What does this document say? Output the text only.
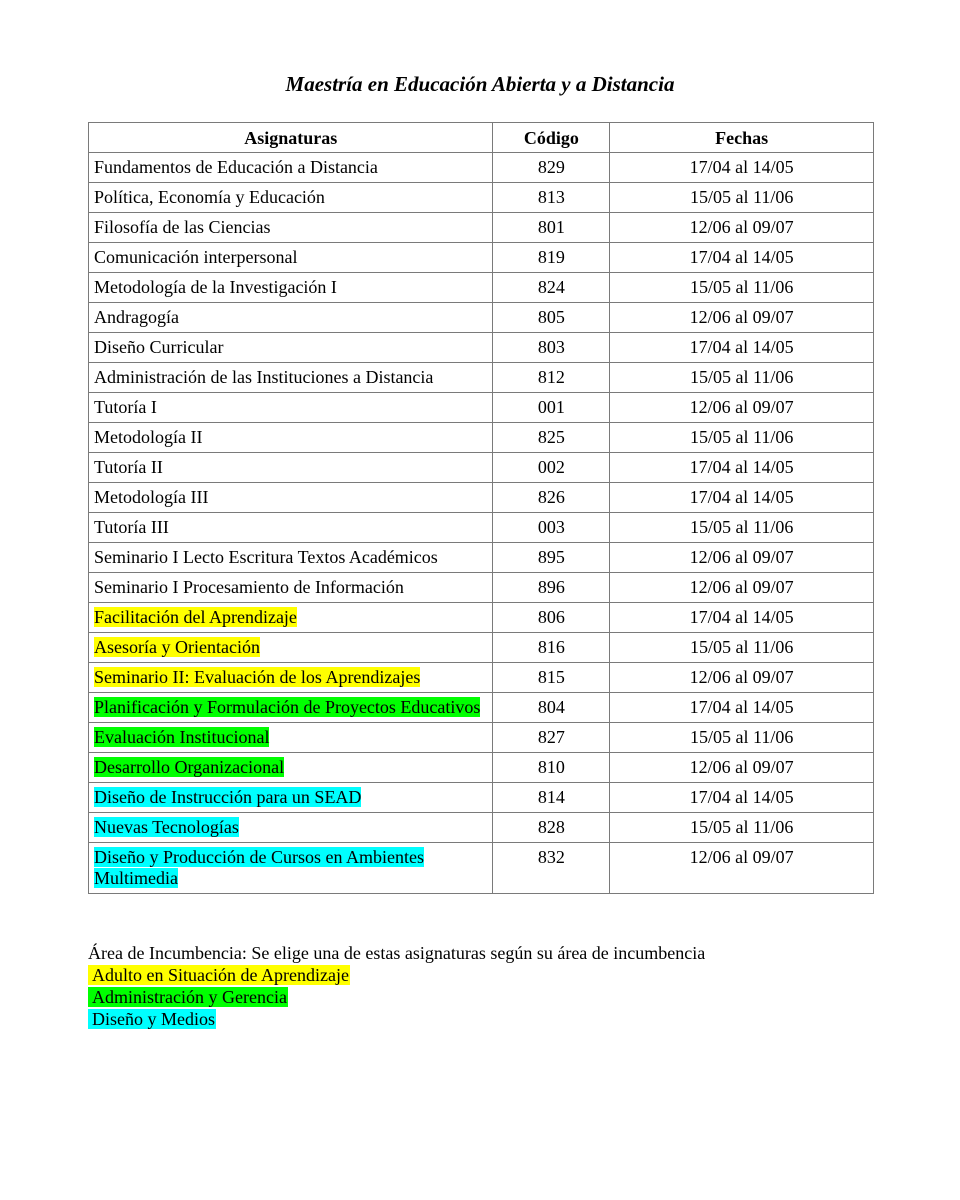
Maestría en Educación Abierta y a Distancia
Asignaturas	Código	Fechas
Fundamentos de Educación a Distancia	829	17/04 al 14/05
Política, Economía y Educación	813	15/05 al 11/06
Filosofía de las Ciencias	801	12/06 al 09/07
Comunicación interpersonal	819	17/04 al 14/05
Metodología de la Investigación I	824	15/05 al 11/06
Andragogía	805	12/06 al 09/07
Diseño Curricular	803	17/04 al 14/05
Administración de las Instituciones a Distancia	812	15/05 al 11/06
Tutoría I	001	12/06 al 09/07
Metodología II	825	15/05 al 11/06
Tutoría II	002	17/04 al 14/05
Metodología III	826	17/04 al 14/05
Tutoría III	003	15/05 al 11/06
Seminario I Lecto Escritura Textos Académicos	895	12/06 al 09/07
Seminario I Procesamiento de Información	896	12/06 al 09/07
Facilitación del Aprendizaje	806	17/04 al 14/05
Asesoría y Orientación	816	15/05 al 11/06
Seminario II: Evaluación de los Aprendizajes	815	12/06 al 09/07
Planificación y Formulación de Proyectos Educativos	804	17/04 al 14/05
Evaluación Institucional	827	15/05 al 11/06
Desarrollo Organizacional	810	12/06 al 09/07
Diseño de Instrucción para un SEAD	814	17/04 al 14/05
Nuevas Tecnologías	828	15/05 al 11/06
Diseño y Producción de Cursos en Ambientes Multimedia	832	12/06 al 09/07
Área de Incumbencia: Se elige una de estas asignaturas según su área de incumbencia
Adulto en Situación de Aprendizaje
Administración y Gerencia
Diseño y Medios
